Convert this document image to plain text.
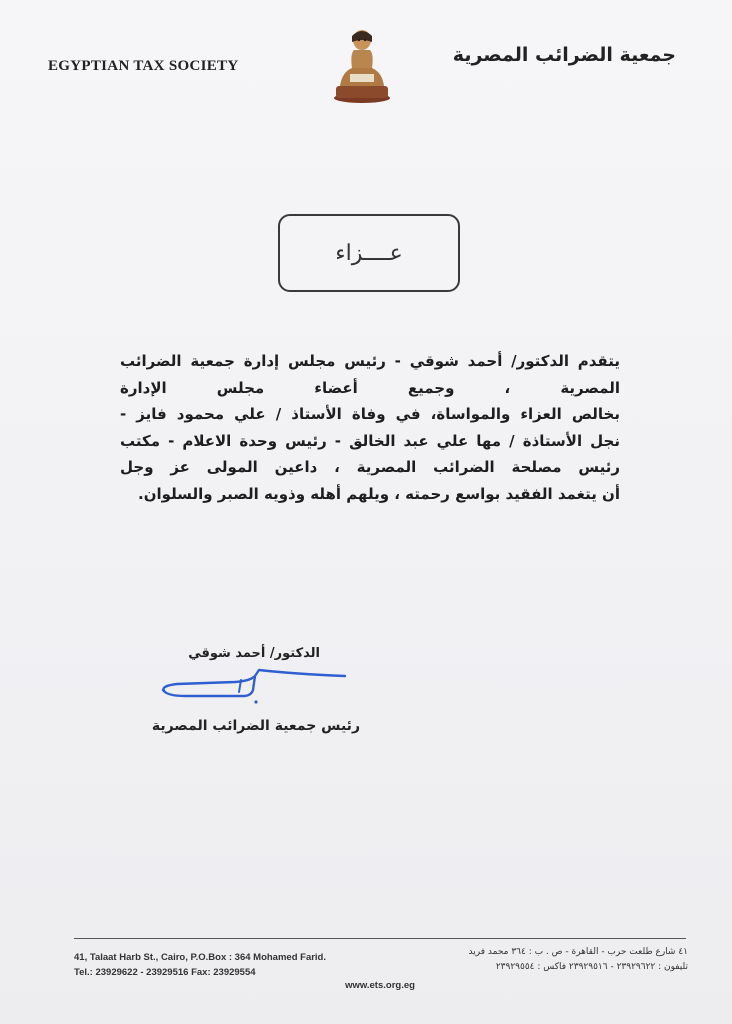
EGYPTIAN TAX SOCIETY	جمعية الضرائب المصرية
عــــزاء

يتقدم الدكتور/ أحمد شوقي - رئيس مجلس إدارة جمعية الضرائب

المصرية ، وجميع أعضاء مجلس الإدارة

بخالص العزاء والمواساة، في وفاة الأستاذ / علي محمود فايز -

نجل الأستاذة / مها علي عبد الخالق - رئيس وحدة الاعلام - مكتب

رئيس مصلحة الضرائب المصرية ، داعين المولى عز وجل

أن يتغمد الفقيد بواسع رحمته ، ويلهم أهله وذويه الصبر والسلوان.

الدكتور/ أحمد شوقي
رئيس جمعية الضرائب المصرية
41, Talaat Harb St., Cairo, P.O.Box : 364 Mohamed Farid.
Tel.: 23929622 - 23929516 Fax: 23929554
٤١ شارع طلعت حرب - القاهرة - ص . ب : ٣٦٤ محمد فريد
تليفون : ٢٣٩٢٩٦٢٢ - ٢٣٩٢٩٥١٦ فاكس : ٢٣٩٢٩٥٥٤
www.ets.org.eg
